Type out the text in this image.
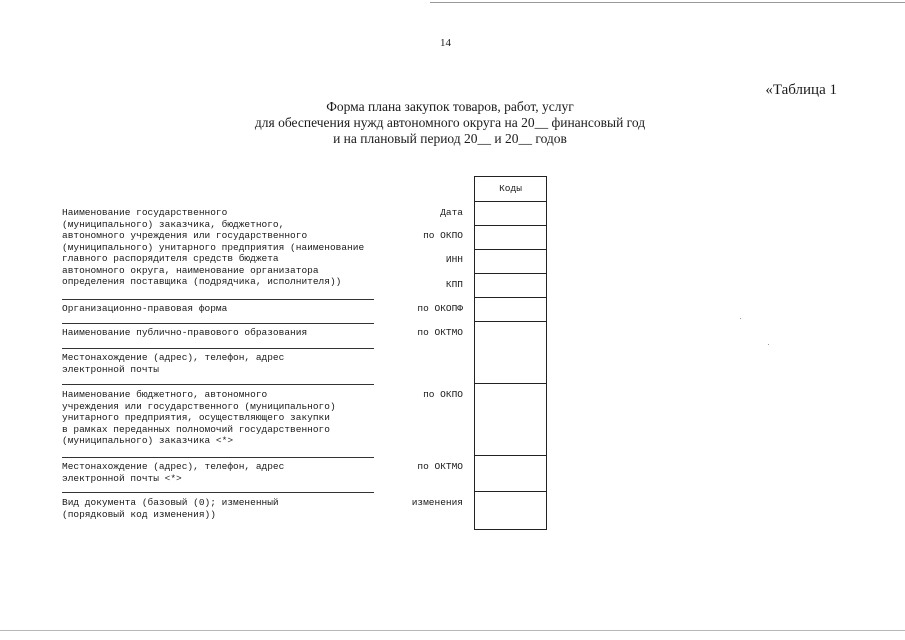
14
«Таблица 1
Форма плана закупок товаров, работ, услуг
для обеспечения нужд автономного округа на 20__ финансовый год
и на плановый период 20__ и 20__ годов
Наименование государственного
(муниципального) заказчика, бюджетного,
автономного учреждения или государственного
(муниципального) унитарного предприятия (наименование
главного распорядителя средств бюджета
автономного округа, наименование организатора
определения поставщика (подрядчика, исполнителя))
Организационно-правовая форма
Наименование публично-правового образования
Местонахождение (адрес), телефон, адрес
электронной почты
Наименование бюджетного, автономного
учреждения или государственного (муниципального)
унитарного предприятия, осуществляющего закупки
в рамках переданных полномочий государственного
(муниципального) заказчика <*>
Местонахождение (адрес), телефон, адрес
электронной почты <*>
Вид документа (базовый (0); измененный
(порядковый код изменения))
Дата
по ОКПО
ИНН
КПП
по ОКОПФ
по ОКТМО
по ОКПО
по ОКТМО
изменения
Коды
